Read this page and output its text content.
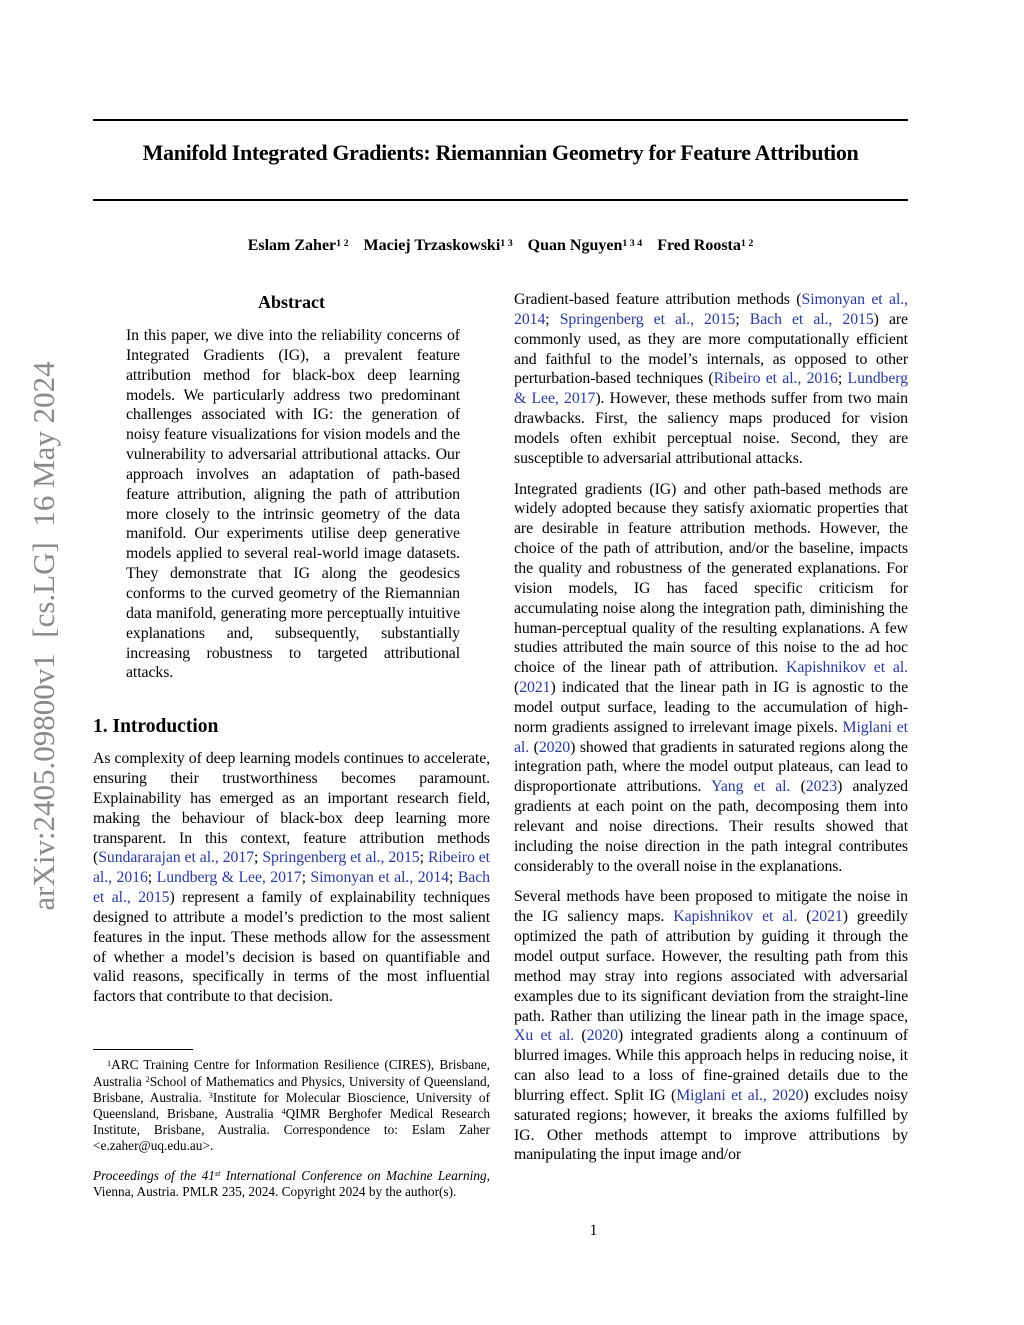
arXiv:2405.09800v1  [cs.LG]  16 May 2024
Manifold Integrated Gradients: Riemannian Geometry for Feature Attribution
Eslam Zaher$^{1 2}$ Maciej Trzaskowski$^{1 3}$ Quan Nguyen$^{1 3 4}$ Fred Roosta$^{1 2}$
Abstract
In this paper, we dive into the reliability concerns of Integrated Gradients (IG), a prevalent feature attribution method for black-box deep learning models. We particularly address two predominant challenges associated with IG: the generation of noisy feature visualizations for vision models and the vulnerability to adversarial attributional attacks. Our approach involves an adaptation of path-based feature attribution, aligning the path of attribution more closely to the intrinsic geometry of the data manifold. Our experiments utilise deep generative models applied to several real-world image datasets. They demonstrate that IG along the geodesics conforms to the curved geometry of the Riemannian data manifold, generating more perceptually intuitive explanations and, subsequently, substantially increasing robustness to targeted attributional attacks.
1. Introduction

As complexity of deep learning models continues to accelerate, ensuring their trustworthiness becomes paramount. Explainability has emerged as an important research field, making the behaviour of black-box deep learning more transparent. In this context, feature attribution methods (Sundararajan et al., 2017; Springenberg et al., 2015; Ribeiro et al., 2016; Lundberg & Lee, 2017; Simonyan et al., 2014; Bach et al., 2015) represent a family of explainability techniques designed to attribute a model’s prediction to the most salient features in the input. These methods allow for the assessment of whether a model’s decision is based on quantifiable and valid reasons, specifically in terms of the most influential factors that contribute to that decision.

$^1$ARC Training Centre for Information Resilience (CIRES), Brisbane, Australia $^2$School of Mathematics and Physics, University of Queensland, Brisbane, Australia. $^3$Institute for Molecular Bioscience, University of Queensland, Brisbane, Australia $^4$QIMR Berghofer Medical Research Institute, Brisbane, Australia. Correspondence to: Eslam Zaher <e.zaher@uq.edu.au>.

Proceedings of the 41st International Conference on Machine Learning, Vienna, Austria. PMLR 235, 2024. Copyright 2024 by the author(s).

Gradient-based feature attribution methods (Simonyan et al., 2014; Springenberg et al., 2015; Bach et al., 2015) are commonly used, as they are more computationally efficient and faithful to the model’s internals, as opposed to other perturbation-based techniques (Ribeiro et al., 2016; Lundberg & Lee, 2017). However, these methods suffer from two main drawbacks. First, the saliency maps produced for vision models often exhibit perceptual noise. Second, they are susceptible to adversarial attributional attacks.

Integrated gradients (IG) and other path-based methods are widely adopted because they satisfy axiomatic properties that are desirable in feature attribution methods. However, the choice of the path of attribution, and/or the baseline, impacts the quality and robustness of the generated explanations. For vision models, IG has faced specific criticism for accumulating noise along the integration path, diminishing the human-perceptual quality of the resulting explanations. A few studies attributed the main source of this noise to the ad hoc choice of the linear path of attribution. Kapishnikov et al. (2021) indicated that the linear path in IG is agnostic to the model output surface, leading to the accumulation of high-norm gradients assigned to irrelevant image pixels. Miglani et al. (2020) showed that gradients in saturated regions along the integration path, where the model output plateaus, can lead to disproportionate attributions. Yang et al. (2023) analyzed gradients at each point on the path, decomposing them into relevant and noise directions. Their results showed that including the noise direction in the path integral contributes considerably to the overall noise in the explanations.

Several methods have been proposed to mitigate the noise in the IG saliency maps. Kapishnikov et al. (2021) greedily optimized the path of attribution by guiding it through the model output surface. However, the resulting path from this method may stray into regions associated with adversarial examples due to its significant deviation from the straight-line path. Rather than utilizing the linear path in the image space, Xu et al. (2020) integrated gradients along a continuum of blurred images. While this approach helps in reducing noise, it can also lead to a loss of fine-grained details due to the blurring effect. Split IG (Miglani et al., 2020) excludes noisy saturated regions; however, it breaks the axioms fulfilled by IG. Other methods attempt to improve attributions by manipulating the input image and/or

1
